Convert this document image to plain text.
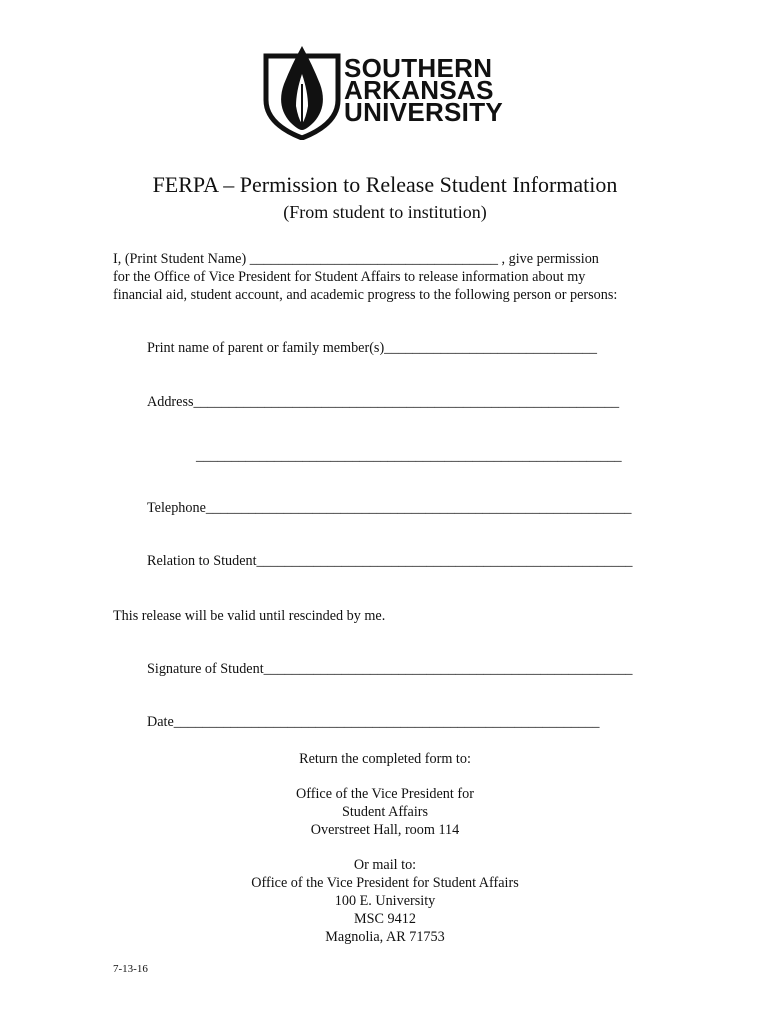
SOUTHERN
ARKANSAS
UNIVERSITY
FERPA – Permission to Release Student Information
(From student to institution)
I, (Print Student Name) ___________________________________ , give permission
for the Office of Vice President for Student Affairs to release information about my
financial aid, student account, and academic progress to the following person or persons:
Print name of parent or family member(s)______________________________
Address____________________________________________________________
____________________________________________________________
Telephone____________________________________________________________
Relation to Student_____________________________________________________
This release will be valid until rescinded by me.
Signature of Student____________________________________________________
Date____________________________________________________________
Return the completed form to:
Office of the Vice President for
Student Affairs
Overstreet Hall, room 114
Or mail to:
Office of the Vice President for Student Affairs
100 E. University
MSC 9412
Magnolia, AR 71753
7-13-16
